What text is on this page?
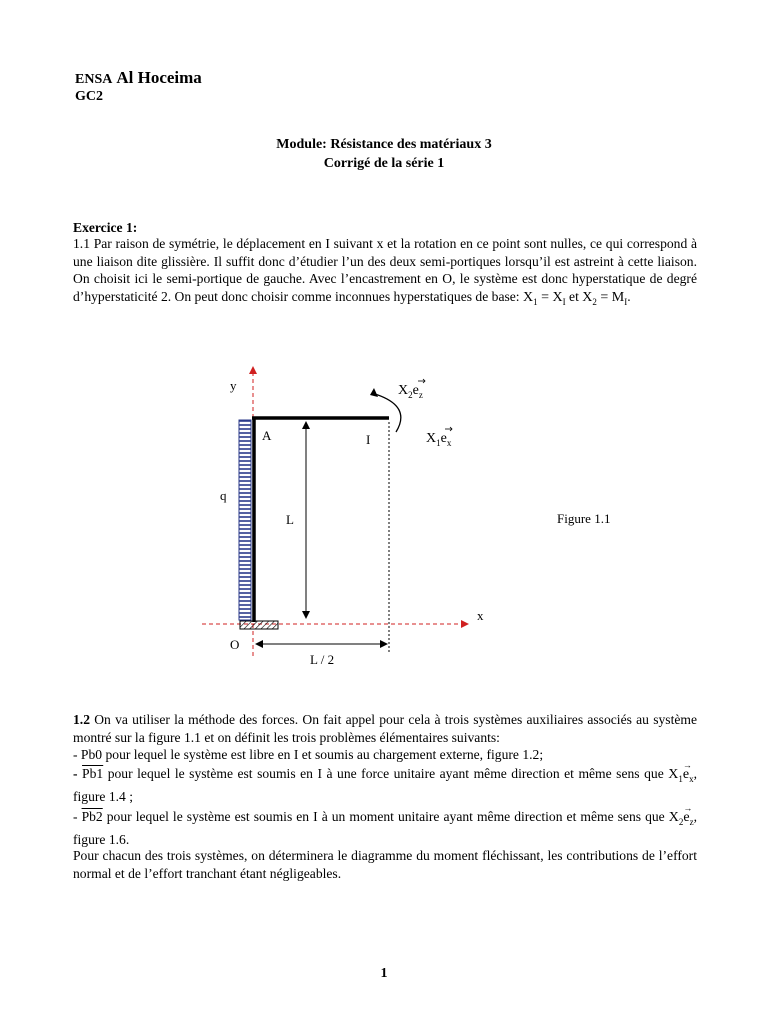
ENSA Al Hoceima
GC2
Module: Résistance des matériaux 3
Corrigé de la série 1
Exercice 1:
1.1 Par raison de symétrie, le déplacement en I suivant x et la rotation en ce point sont nulles, ce qui correspond à une liaison dite glissière. Il suffit donc d’étudier l’un des deux semi-portiques lorsqu’il est astreint à cette liaison. On choisit ici le semi-portique de gauche. Avec l’encastrement en O, le système est donc hyperstatique de degré d’hyperstaticité 2. On peut donc choisir comme inconnues hyperstatiques de base: $X_1 = X_I$ et $X_2 = M_I$.
y
x
A	I
O
q
L
L / 2
$X_2e_z$
$X_1e_x$
Figure 1.1
1.2 On va utiliser la méthode des forces. On fait appel pour cela à trois systèmes auxiliaires associés au système montré sur la figure 1.1 et on définit les trois problèmes élémentaires suivants:
- Pb0 pour lequel le système est libre en I et soumis au chargement externe, figure 1.2;
- Pb1 pour lequel le système est soumis en I à une force unitaire ayant même direction et même sens que $X_1\to e_x$, figure 1.4 ;
- Pb2 pour lequel le système est soumis en I à un moment unitaire ayant même direction et même sens que $X_2\to e_z$, figure 1.6.
Pour chacun des trois systèmes, on déterminera le diagramme du moment fléchissant, les contributions de l’effort normal et de l’effort tranchant étant négligeables.
1
